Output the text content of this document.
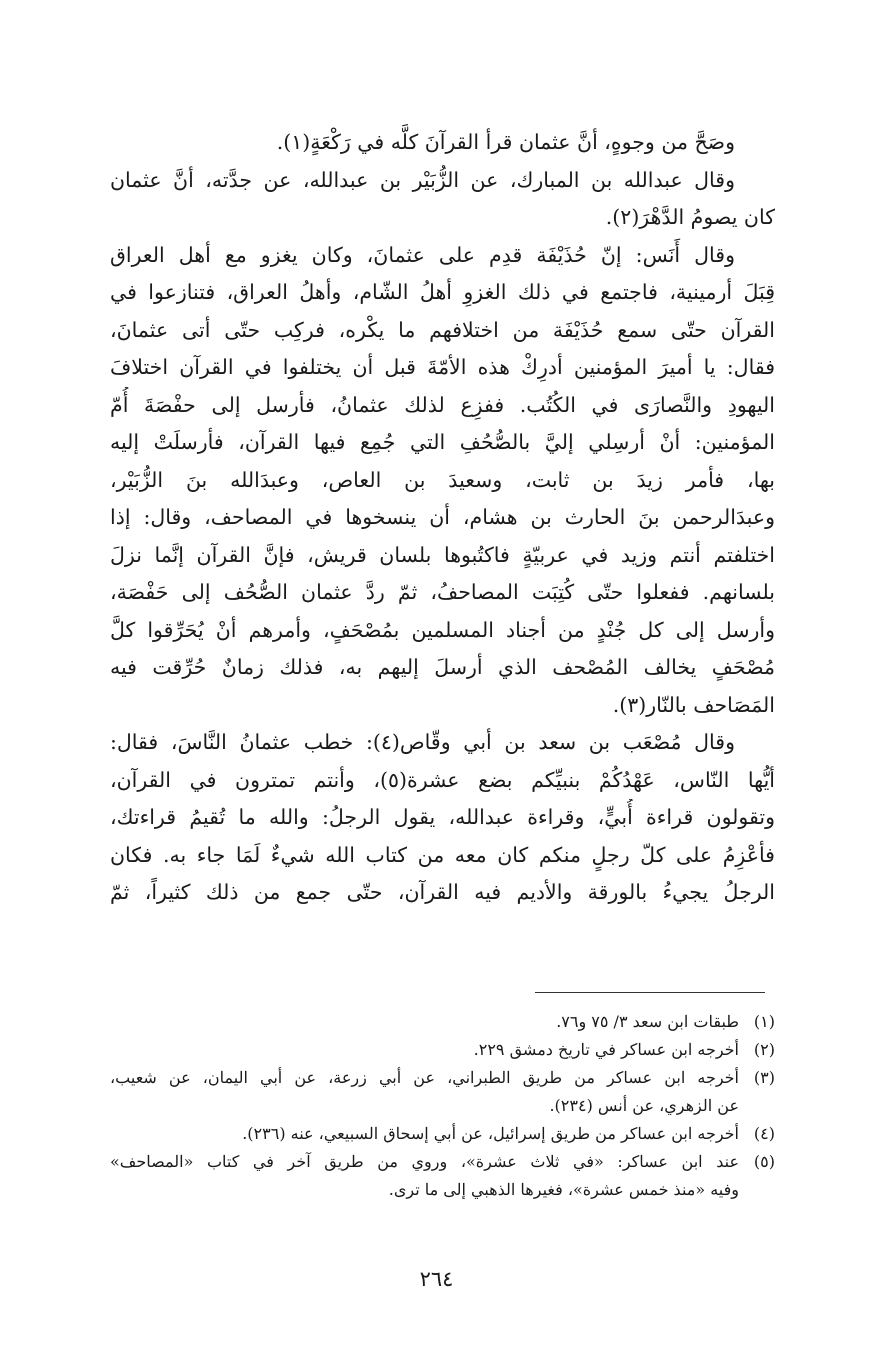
وصَحَّ من وجوهٍ، أنَّ عثمان قرأ القرآنَ كلَّه في رَكْعَةٍ(١).

وقال عبدالله بن المبارك، عن الزُّبَيْر بن عبدالله، عن جدَّته، أنَّ عثمان
كان يصومُ الدَّهْرَ(٢).

وقال أَنَس: إنّ حُذَيْفَة قدِم على عثمانَ، وكان يغزو مع أهل العراق
قِبَلَ أرمينية، فاجتمع في ذلك الغزوِ أهلُ الشّام، وأهلُ العراق، فتنازعوا في
القرآن حتّى سمع حُذَيْفَة من اختلافهم ما يكْره، فركِب حتّى أتى عثمانَ،
فقال: يا أميرَ المؤمنين أدرِكْ هذه الأمّةَ قبل أن يختلفوا في القرآن اختلافَ
اليهودِ والنَّصارَى في الكُتُب. ففزِع لذلك عثمانُ، فأرسل إلى حفْصَةَ أُمّ
المؤمنين: أنْ أرسِلي إليَّ بالصُّحُفِ التي جُمِع فيها القرآن، فأرسلَتْ إليه
بها، فأمر زيدَ بن ثابت، وسعيدَ بن العاص، وعبدَالله بنَ الزُّبَيْر،
وعبدَالرحمن بنَ الحارث بن هشام، أن ينسخوها في المصاحف، وقال: إذا
اختلفتم أنتم وزيد في عربيّةٍ فاكتُبوها بلسان قريش، فإنَّ القرآن إنَّما نزلَ
بلسانهم. ففعلوا حتّى كُتِبَت المصاحفُ، ثمّ ردَّ عثمان الصُّحُف إلى حَفْصَة،
وأرسل إلى كل جُنْدٍ من أجناد المسلمين بمُصْحَفٍ، وأمرهم أنْ يُحَرِّقوا كلَّ
مُصْحَفٍ يخالف المُصْحف الذي أرسلَ إليهم به، فذلك زمانٌ حُرِّقت فيه
المَصَاحف بالنّار(٣).

وقال مُصْعَب بن سعد بن أبي وقّاص(٤): خطب عثمانُ النَّاسَ، فقال:
أيُّها النّاس، عَهْدُكُمْ بنبيِّكم بضع عشرة(٥)، وأنتم تمترون في القرآن،
وتقولون قراءة أُبيٍّ، وقراءة عبدالله، يقول الرجلُ: والله ما تُقيمُ قراءتك،
فأعْزِمُ على كلّ رجلٍ منكم كان معه من كتاب الله شيءٌ لَمَا جاء به. فكان
الرجلُ يجيءُ بالورقة والأديم فيه القرآن، حتّى جمع من ذلك كثيراً، ثمّ

(١)
طبقات ابن سعد ٣/ ٧٥ و٧٦.
(٢)
أخرجه ابن عساكر في تاريخ دمشق ٢٢٩.
(٣)
أخرجه ابن عساكر من طريق الطبراني، عن أبي زرعة، عن أبي اليمان، عن شعيب،
عن الزهري، عن أنس (٢٣٤).
(٤)
أخرجه ابن عساكر من طريق إسرائيل، عن أبي إسحاق السبيعي، عنه (٢٣٦).
(٥)
عند ابن عساكر: «في ثلاث عشرة»، وروي من طريق آخر في كتاب «المصاحف»
وفيه «منذ خمس عشرة»، فغيرها الذهبي إلى ما ترى.
٢٦٤
